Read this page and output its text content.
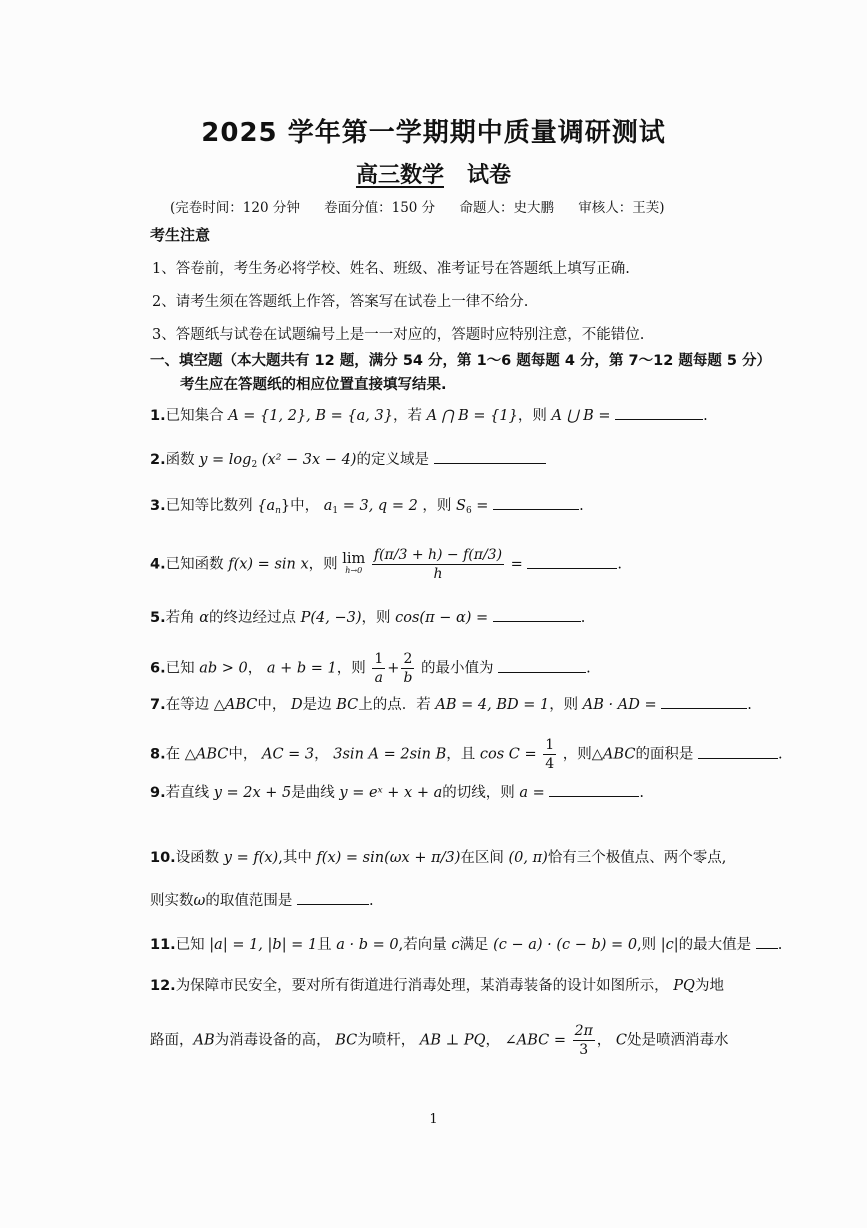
2025 学年第一学期期中质量调研测试
高三数学 试卷
(完卷时间：120 分钟 卷面分值：150 分 命题人：史大鹏 审核人：王芙)
考生注意
1、答卷前，考生务必将学校、姓名、班级、准考证号在答题纸上填写正确.
2、请考生须在答题纸上作答，答案写在试卷上一律不给分.
3、答题纸与试卷在试题编号上是一一对应的，答题时应特别注意，不能错位.
一、填空题（本大题共有 12 题，满分 54 分，第 1～6 题每题 4 分，第 7～12 题每题 5 分）
考生应在答题纸的相应位置直接填写结果.
1.已知集合 A = {1, 2}, B = {a, 3}，若 A ⋂ B = {1}，则 A ⋃ B =	.
2.函数 $y = \log_2 (x^2 - 3x - 4)$的定义域是
3.已知等比数列 $\{a_n\}$中， $a_1 = 3$, q = 2 ，则 $S_6$ =	.
4.已知函数 f(x) = sin x，则 lim
h→0
$\frac{f(\pi/3 + h) - f(\pi/3)}{h}$ =	.
5.若角 α的终边经过点 P(4, −3)，则 cos(π − α) =	.
6.已知 ab > 0， a + b = 1，则 $\frac{1}{a} + \frac{2}{b}$ 的最小值为	.
7.在等边 △ABC中， D是边 BC上的点．若 AB = 4, BD = 1，则 AB · AD =	.
8.在 △ABC中， AC = 3， 3sin A = 2sin B，且 $\cos C = \frac{1}{4}$ ，则△ABC的面积是	.
9.若直线 y = 2x + 5是曲线 y = eˣ + x + a的切线，则 a =	.
10.设函数 y = f(x),其中 f(x) = sin(ωx + π/3)在区间 (0, π)恰有三个极值点、两个零点,
则实数ω的取值范围是	.
11.已知 |a| = 1, |b| = 1且 a · b = 0,若向量 c满足 (c − a) · (c − b) = 0,则 |c|的最大值是 .
12.为保障市民安全，要对所有街道进行消毒处理，某消毒装备的设计如图所示， PQ为地
路面，AB为消毒设备的高， BC为喷杆， AB ⊥ PQ， ∠ABC = $\frac{2\pi}{3}$ ， C处是喷洒消毒水
1
